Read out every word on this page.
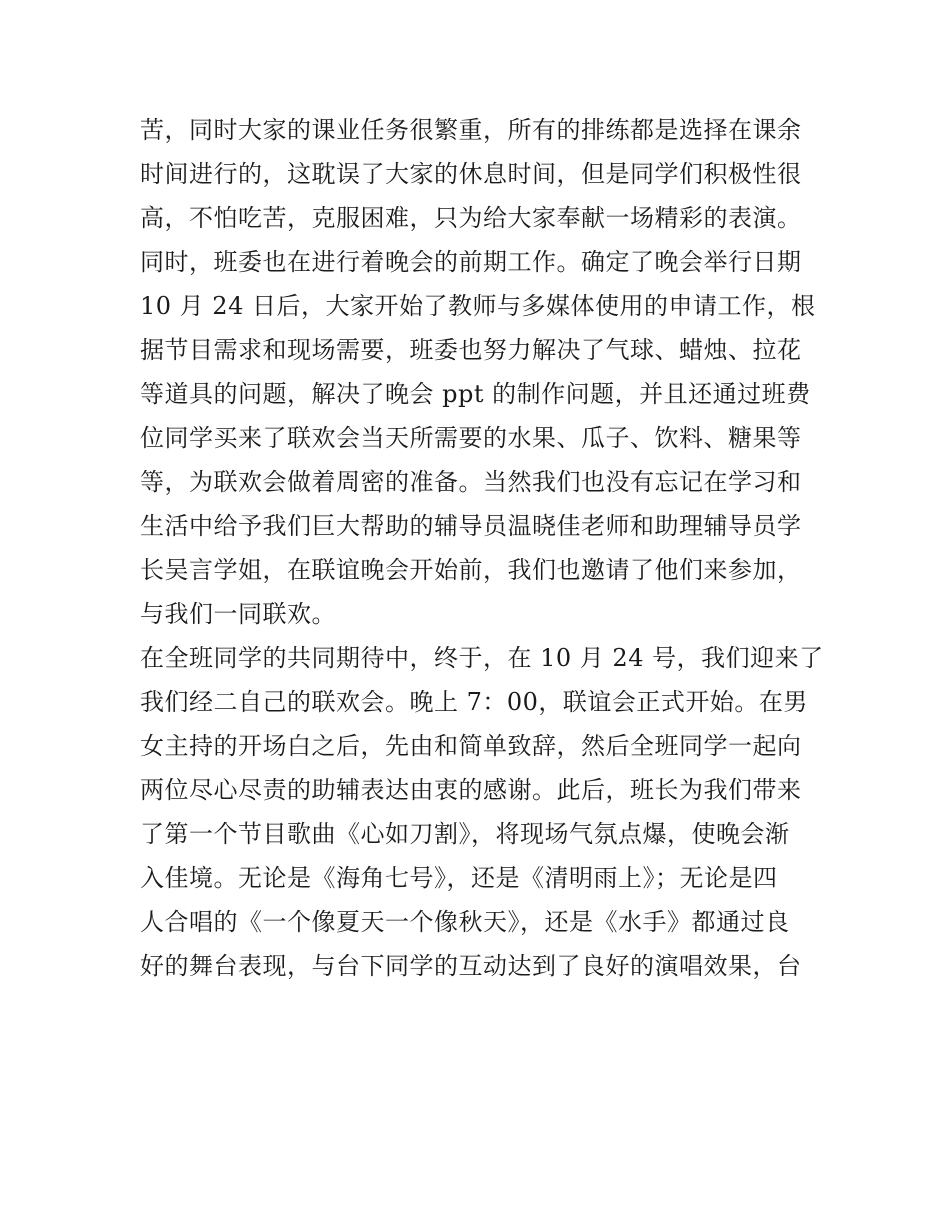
苦，同时大家的课业任务很繁重，所有的排练都是选择在课余
时间进行的，这耽误了大家的休息时间，但是同学们积极性很
高，不怕吃苦，克服困难，只为给大家奉献一场精彩的表演。
同时，班委也在进行着晚会的前期工作。确定了晚会举行日期
10 月 24 日后，大家开始了教师与多媒体使用的申请工作，根
据节目需求和现场需要，班委也努力解决了气球、蜡烛、拉花
等道具的问题，解决了晚会 ppt 的制作问题，并且还通过班费
位同学买来了联欢会当天所需要的水果、瓜子、饮料、糖果等
等，为联欢会做着周密的准备。当然我们也没有忘记在学习和
生活中给予我们巨大帮助的辅导员温晓佳老师和助理辅导员学
长吴言学姐，在联谊晚会开始前，我们也邀请了他们来参加，
与我们一同联欢。
在全班同学的共同期待中，终于，在 10 月 24 号，我们迎来了
我们经二自己的联欢会。晚上 7：00，联谊会正式开始。在男
女主持的开场白之后，先由和简单致辞，然后全班同学一起向
两位尽心尽责的助辅表达由衷的感谢。此后，班长为我们带来
了第一个节目歌曲《心如刀割》，将现场气氛点爆，使晚会渐
入佳境。无论是《海角七号》，还是《清明雨上》；无论是四
人合唱的《一个像夏天一个像秋天》，还是《水手》都通过良
好的舞台表现，与台下同学的互动达到了良好的演唱效果，台
